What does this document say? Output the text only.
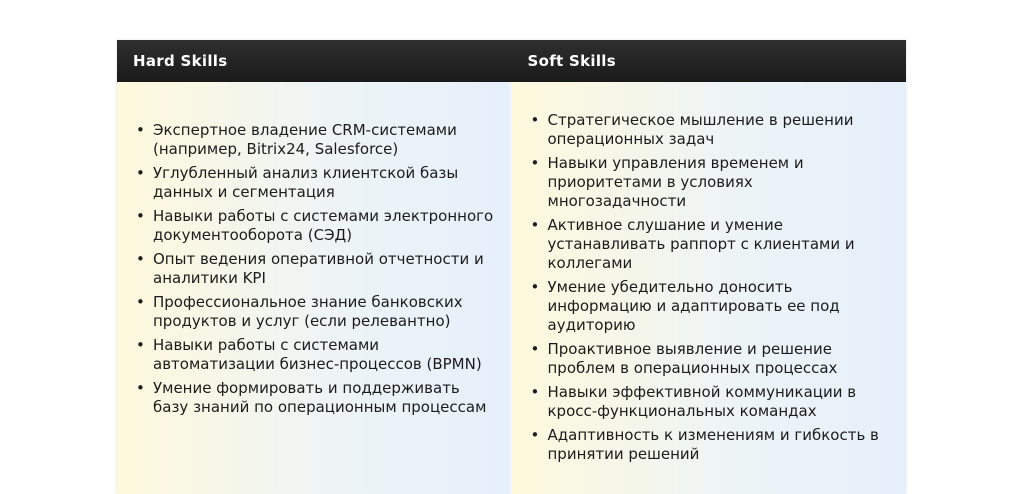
Hard Skills	Soft Skills
• Экспертное владение CRM-системами (например, Bitrix24, Salesforce)
• Углубленный анализ клиентской базы данных и сегментация
• Навыки работы с системами электронного документооборота (СЭД)
• Опыт ведения оперативной отчетности и аналитики KPI
• Профессиональное знание банковских продуктов и услуг (если релевантно)
• Навыки работы с системами автоматизации бизнес-процессов (BPMN)
• Умение формировать и поддерживать базу знаний по операционным процессам
• Стратегическое мышление в решении операционных задач
• Навыки управления временем и приоритетами в условиях многозадачности
• Активное слушание и умение устанавливать раппорт с клиентами и коллегами
• Умение убедительно доносить информацию и адаптировать ее под аудиторию
• Проактивное выявление и решение проблем в операционных процессах
• Навыки эффективной коммуникации в кросс-функциональных командах
• Адаптивность к изменениям и гибкость в принятии решений
